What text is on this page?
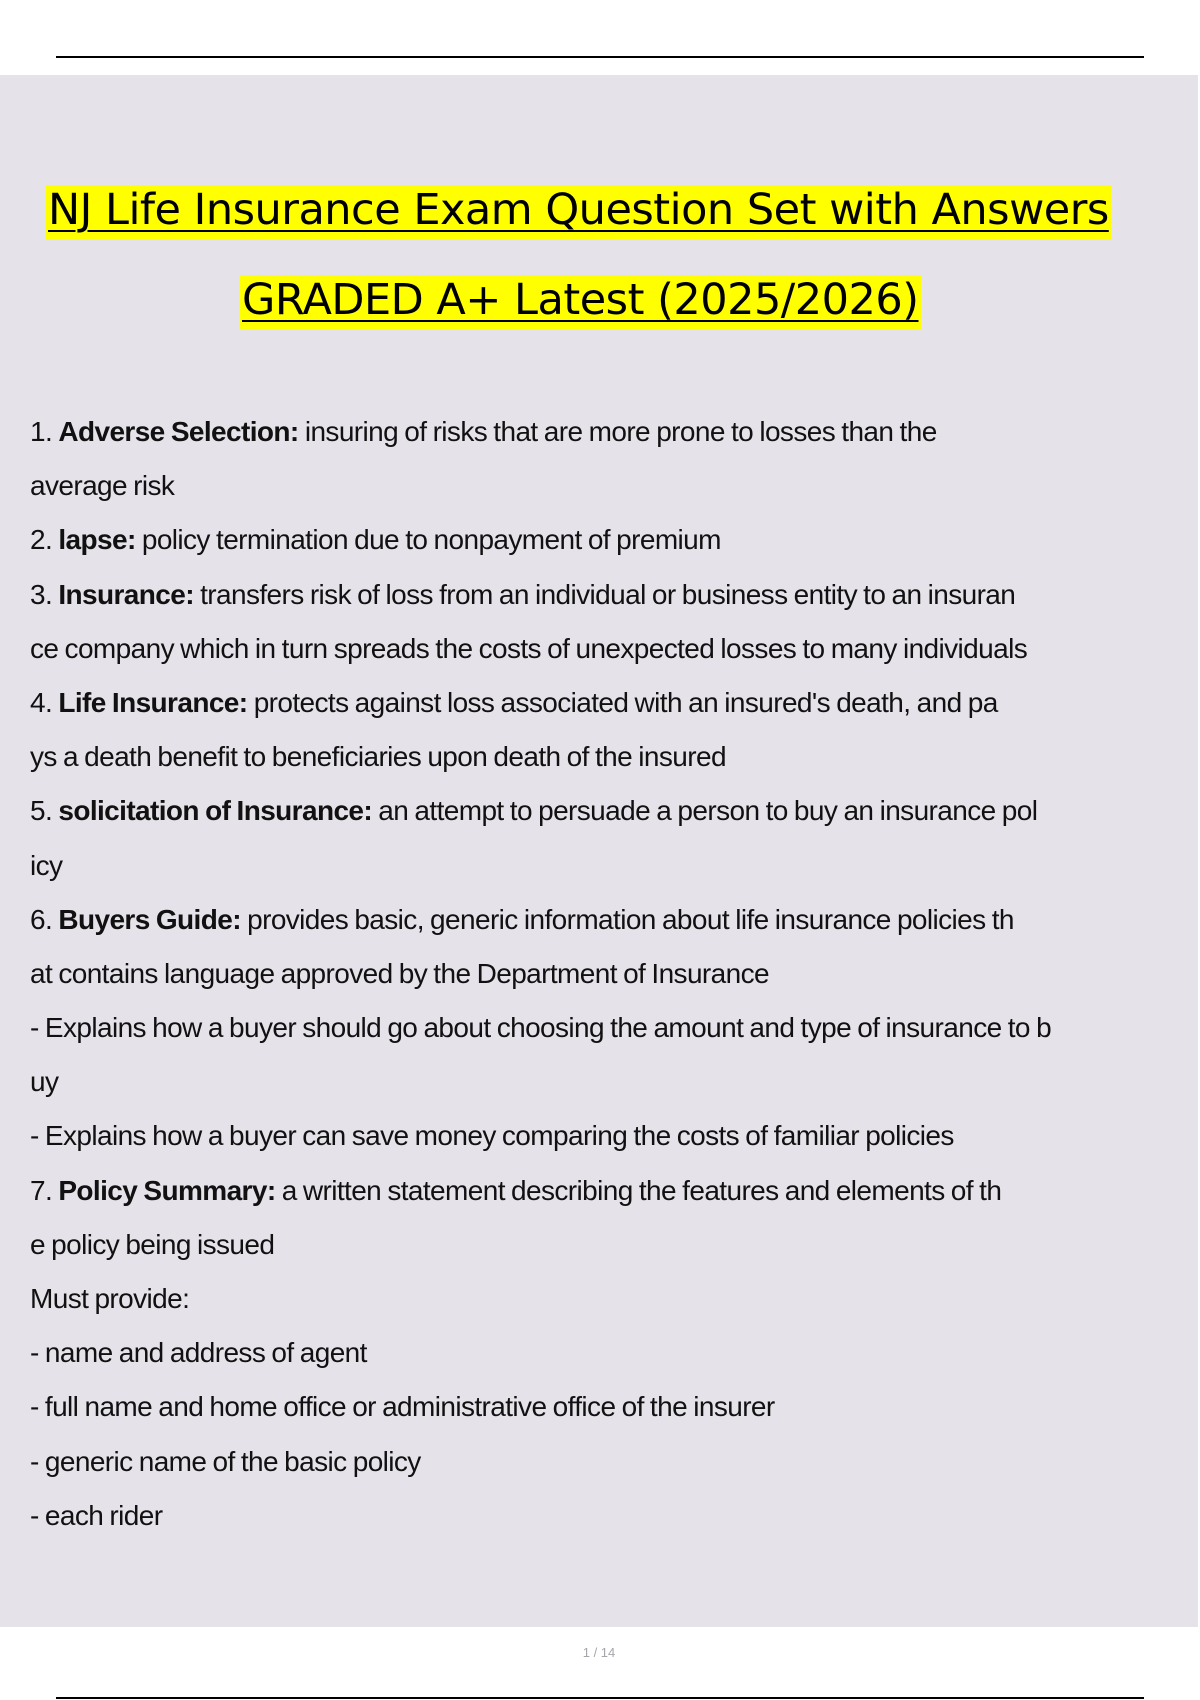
NJ Life Insurance Exam Question Set with Answers
GRADED A+ Latest (2025/2026)
1. Adverse Selection: insuring of risks that are more prone to losses than the
average risk
2. lapse: policy termination due to nonpayment of premium
3. Insurance: transfers risk of loss from an individual or business entity to an insuran
ce company which in turn spreads the costs of unexpected losses to many individuals
4. Life Insurance: protects against loss associated with an insured's death, and pa
ys a death benefit to beneficiaries upon death of the insured
5. solicitation of Insurance: an attempt to persuade a person to buy an insurance pol
icy
6. Buyers Guide: provides basic, generic information about life insurance policies th
at contains language approved by the Department of Insurance
- Explains how a buyer should go about choosing the amount and type of insurance to b
uy
- Explains how a buyer can save money comparing the costs of familiar policies
7. Policy Summary: a written statement describing the features and elements of th
e policy being issued
Must provide:
- name and address of agent
- full name and home office or administrative office of the insurer
- generic name of the basic policy
- each rider
1 / 14
